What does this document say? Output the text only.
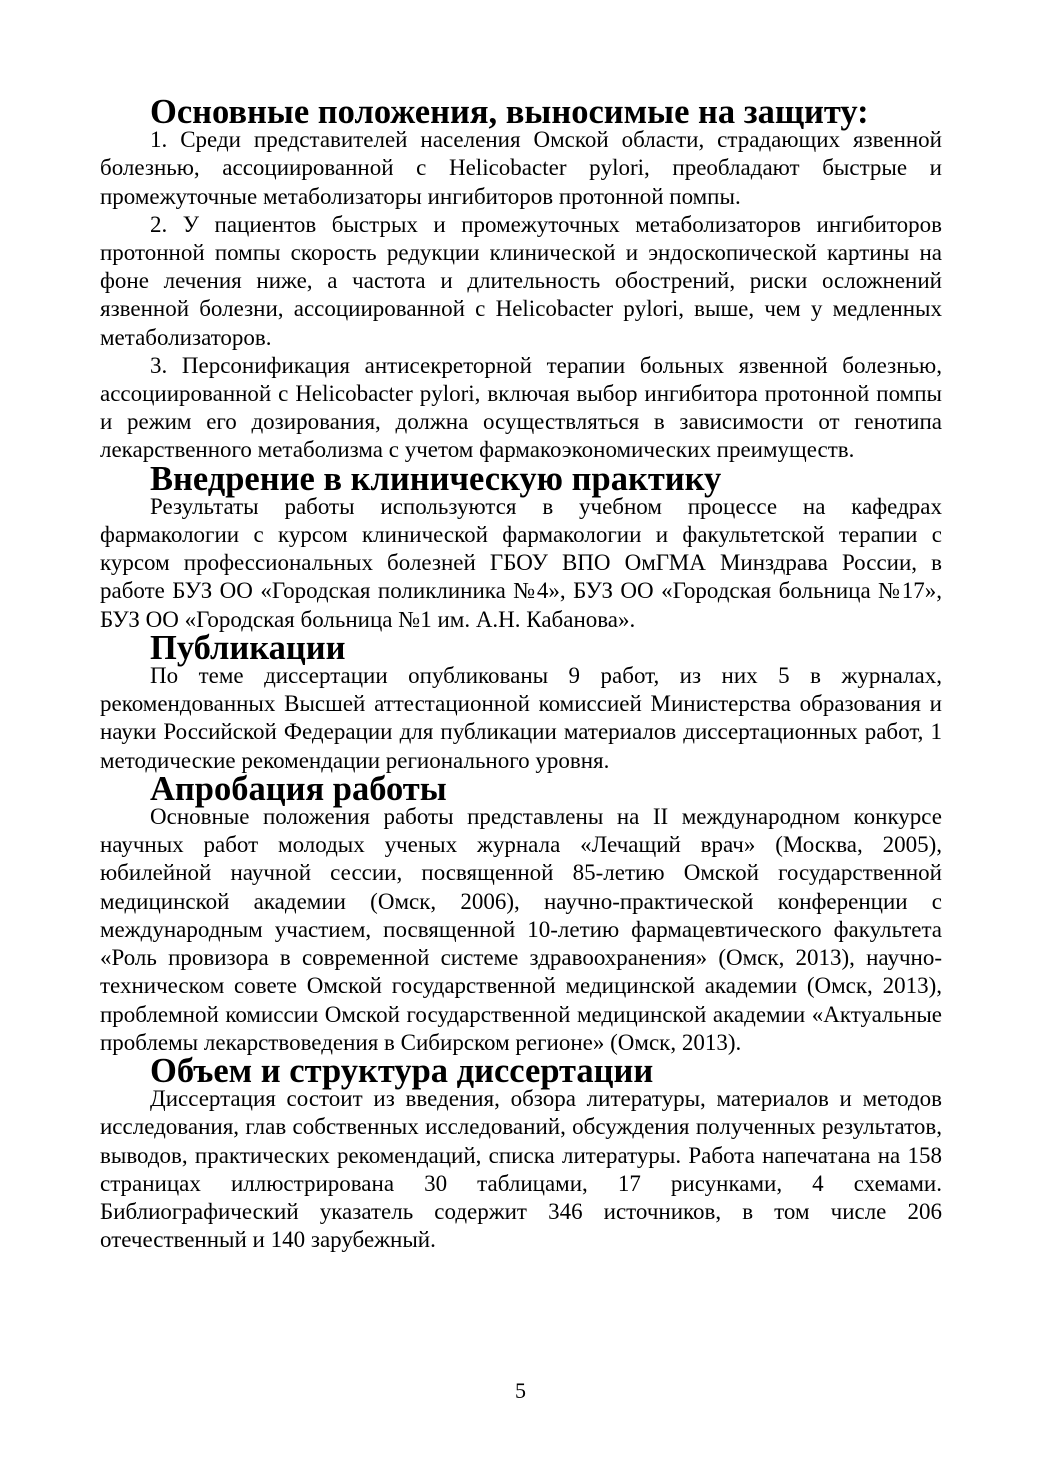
Основные положения, выносимые на защиту:

1. Среди представителей населения Омской области, страдающих язвенной болезнью, ассоциированной с Helicobacter pylori, преобладают быстрые и промежуточные метаболизаторы ингибиторов протонной помпы.

2. У пациентов быстрых и промежуточных метаболизаторов ингибиторов протонной помпы скорость редукции клинической и эндоскопической картины на фоне лечения ниже, а частота и длительность обострений, риски осложнений язвенной болезни, ассоциированной с Helicobacter pylori, выше, чем у медленных метаболизаторов.

3. Персонификация антисекреторной терапии больных язвенной болезнью, ассоциированной с Helicobacter pylori, включая выбор ингибитора протонной помпы и режим его дозирования, должна осуществляться в зависимости от генотипа лекарственного метаболизма с учетом фармакоэкономических преимуществ.

Внедрение в клиническую практику

Результаты работы используются в учебном процессе на кафедрах фармакологии с курсом клинической фармакологии и факультетской терапии с курсом профессиональных болезней ГБОУ ВПО ОмГМА Минздрава России, в работе БУЗ ОО «Городская поликлиника №4», БУЗ ОО «Городская больница №17», БУЗ ОО «Городская больница №1 им. А.Н. Кабанова».

Публикации

По теме диссертации опубликованы 9 работ, из них 5 в журналах, рекомендованных Высшей аттестационной комиссией Министерства образования и науки Российской Федерации для публикации материалов диссертационных работ, 1 методические рекомендации регионального уровня.

Апробация работы

Основные положения работы представлены на II международном конкурсе научных работ молодых ученых журнала «Лечащий врач» (Москва, 2005), юбилейной научной сессии, посвященной 85-летию Омской государственной медицинской академии (Омск, 2006), научно-практической конференции с международным участием, посвященной 10-летию фармацевтического факультета «Роль провизора в современной системе здравоохранения» (Омск, 2013), научно-техническом совете Омской государственной медицинской академии (Омск, 2013), проблемной комиссии Омской государственной медицинской академии «Актуальные проблемы лекарствоведения в Сибирском регионе» (Омск, 2013).

Объем и структура диссертации

Диссертация состоит из введения, обзора литературы, материалов и методов исследования, глав собственных исследований, обсуждения полученных результатов, выводов, практических рекомендаций, списка литературы. Работа напечатана на 158 страницах иллюстрирована 30 таблицами, 17 рисунками, 4 схемами. Библиографический указатель содержит 346 источников, в том числе 206 отечественный и 140 зарубежный.

5
